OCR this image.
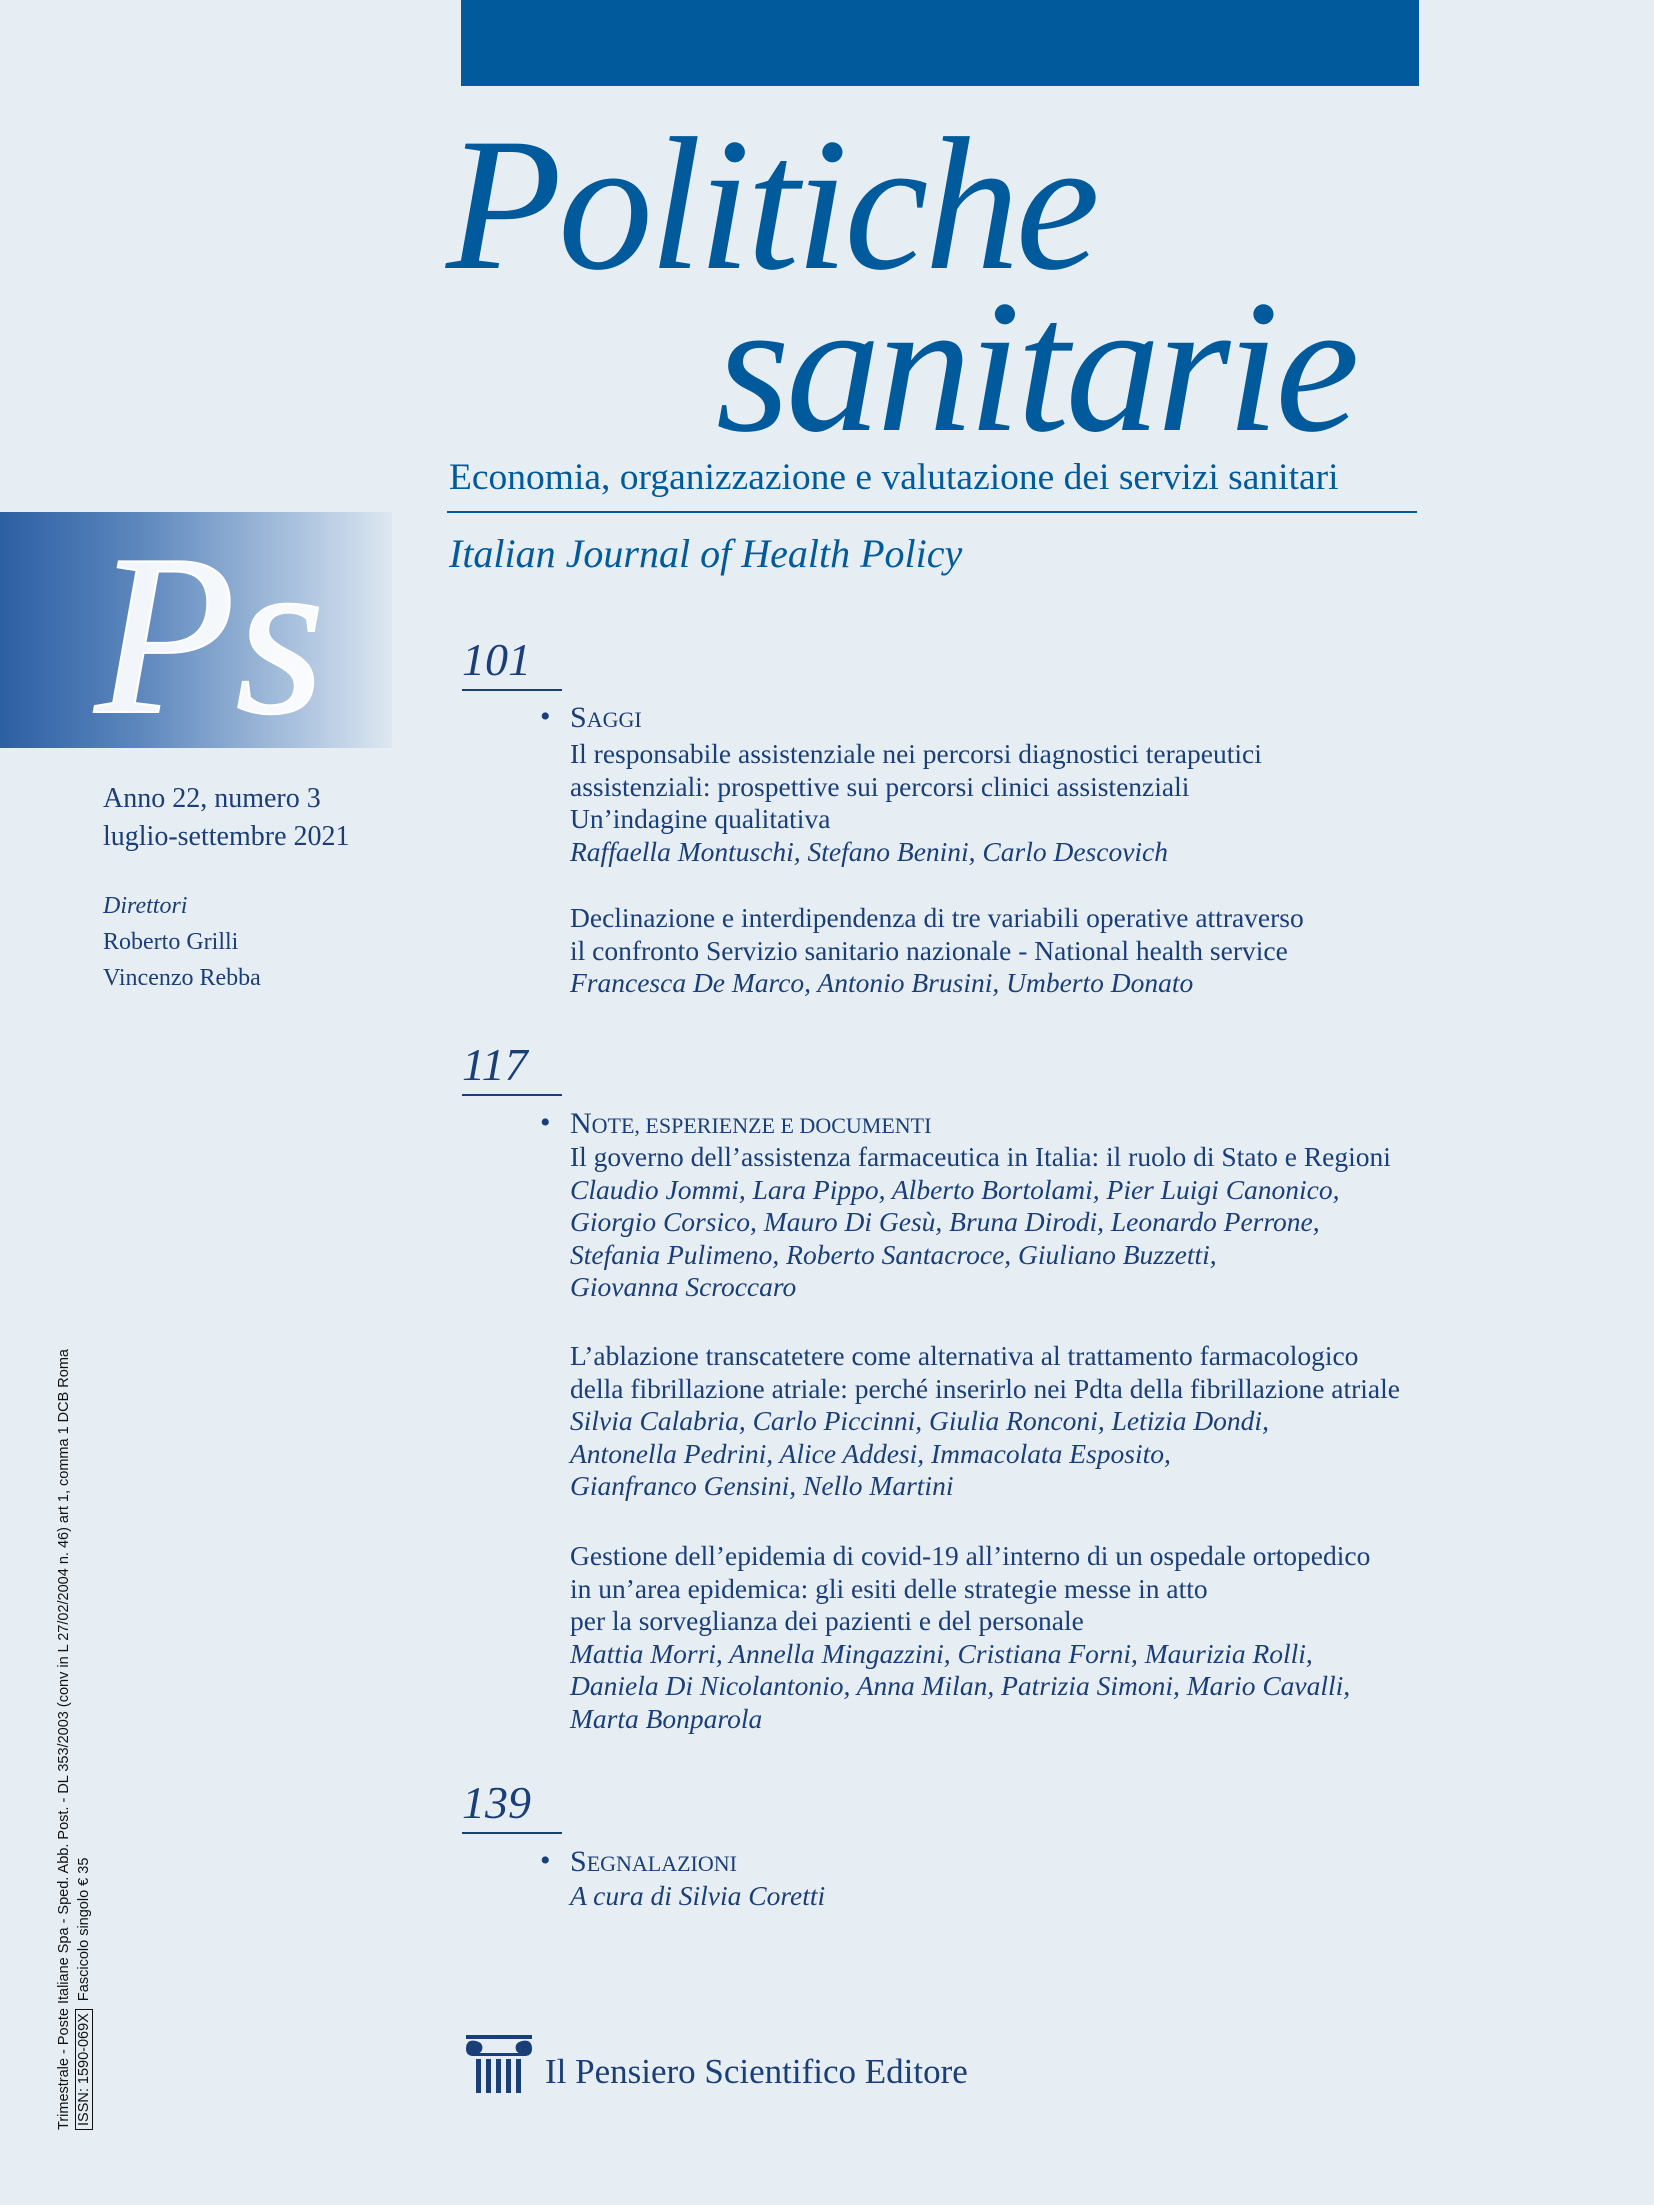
Politiche
sanitarie
Economia, organizzazione e valutazione dei servizi sanitari
Italian Journal of Health Policy
Ps
Anno 22, numero 3
luglio-settembre 2021
Direttori
Roberto Grilli
Vincenzo Rebba
Trimestrale - Poste Italiane Spa - Sped. Abb. Post. - DL 353/2003 (conv in L 27/02/2004 n. 46) art 1, comma 1 DCB Roma ISSN: 1590-069X  Fascicolo singolo € 35
101
• SAGGI
Il responsabile assistenziale nei percorsi diagnostici terapeutici
assistenziali: prospettive sui percorsi clinici assistenziali
Un’indagine qualitativa
Raffaella Montuschi, Stefano Benini, Carlo Descovich
Declinazione e interdipendenza di tre variabili operative attraverso
il confronto Servizio sanitario nazionale - National health service
Francesca De Marco, Antonio Brusini, Umberto Donato
117
• NOTE, ESPERIENZE E DOCUMENTI
Il governo dell’assistenza farmaceutica in Italia: il ruolo di Stato e Regioni
Claudio Jommi, Lara Pippo, Alberto Bortolami, Pier Luigi Canonico,
Giorgio Corsico, Mauro Di Gesù, Bruna Dirodi, Leonardo Perrone,
Stefania Pulimeno, Roberto Santacroce, Giuliano Buzzetti,
Giovanna Scroccaro
L’ablazione transcatetere come alternativa al trattamento farmacologico
della fibrillazione atriale: perché inserirlo nei Pdta della fibrillazione atriale
Silvia Calabria, Carlo Piccinni, Giulia Ronconi, Letizia Dondi,
Antonella Pedrini, Alice Addesi, Immacolata Esposito,
Gianfranco Gensini, Nello Martini
Gestione dell’epidemia di covid-19 all’interno di un ospedale ortopedico
in un’area epidemica: gli esiti delle strategie messe in atto
per la sorveglianza dei pazienti e del personale
Mattia Morri, Annella Mingazzini, Cristiana Forni, Maurizia Rolli,
Daniela Di Nicolantonio, Anna Milan, Patrizia Simoni, Mario Cavalli,
Marta Bonparola
139
• SEGNALAZIONI
A cura di Silvia Coretti
Il Pensiero Scientifico Editore
